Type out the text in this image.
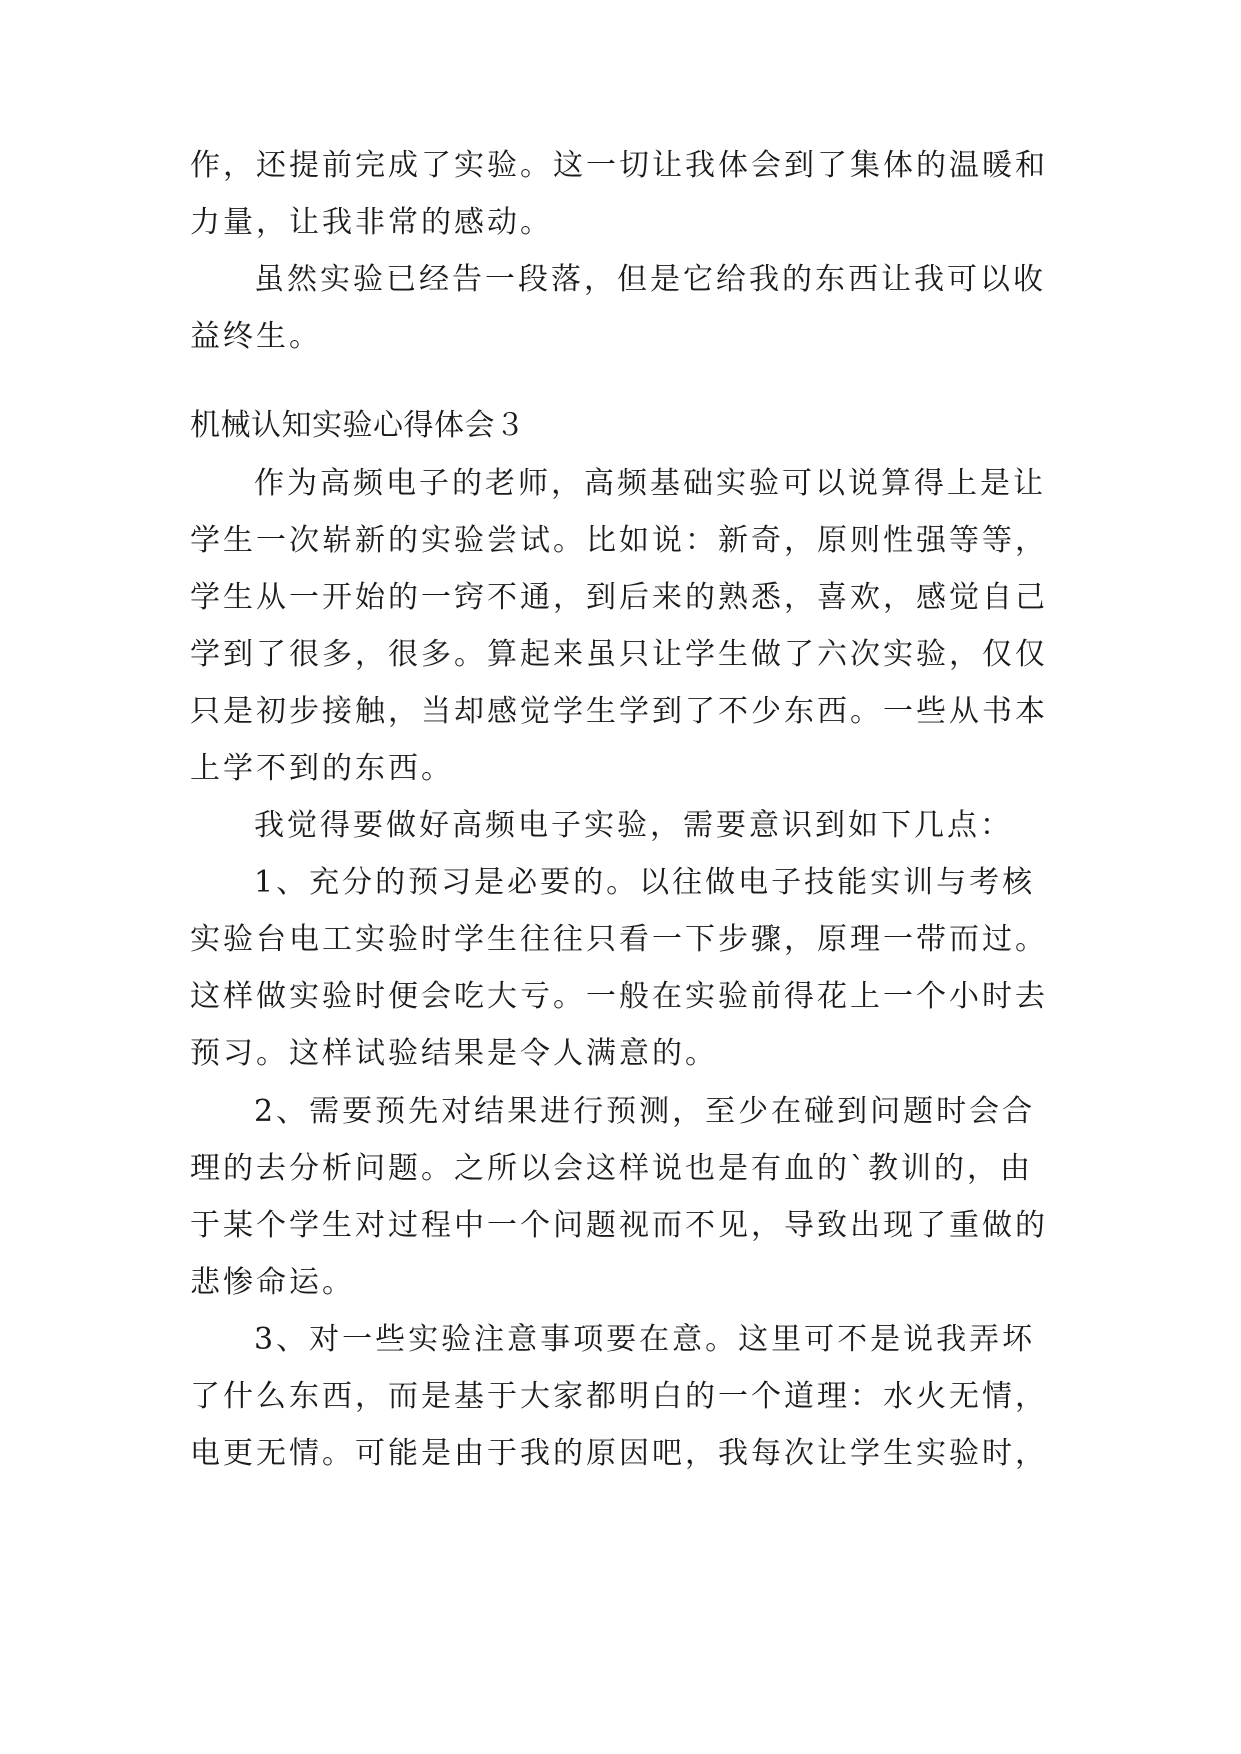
作，还提前完成了实验。这一切让我体会到了集体的温暖和

力量，让我非常的感动。

虽然实验已经告一段落，但是它给我的东西让我可以收

益终生。

机械认知实验心得体会３

作为高频电子的老师，高频基础实验可以说算得上是让

学生一次崭新的实验尝试。比如说：新奇，原则性强等等，

学生从一开始的一窍不通，到后来的熟悉，喜欢，感觉自己

学到了很多，很多。算起来虽只让学生做了六次实验，仅仅

只是初步接触，当却感觉学生学到了不少东西。一些从书本

上学不到的东西。

我觉得要做好高频电子实验，需要意识到如下几点：

1、充分的预习是必要的。以往做电子技能实训与考核

实验台电工实验时学生往往只看一下步骤，原理一带而过。

这样做实验时便会吃大亏。一般在实验前得花上一个小时去

预习。这样试验结果是令人满意的。

2、需要预先对结果进行预测，至少在碰到问题时会合

理的去分析问题。之所以会这样说也是有血的`教训的，由

于某个学生对过程中一个问题视而不见，导致出现了重做的

悲惨命运。

3、对一些实验注意事项要在意。这里可不是说我弄坏

了什么东西，而是基于大家都明白的一个道理：水火无情，

电更无情。可能是由于我的原因吧，我每次让学生实验时，
